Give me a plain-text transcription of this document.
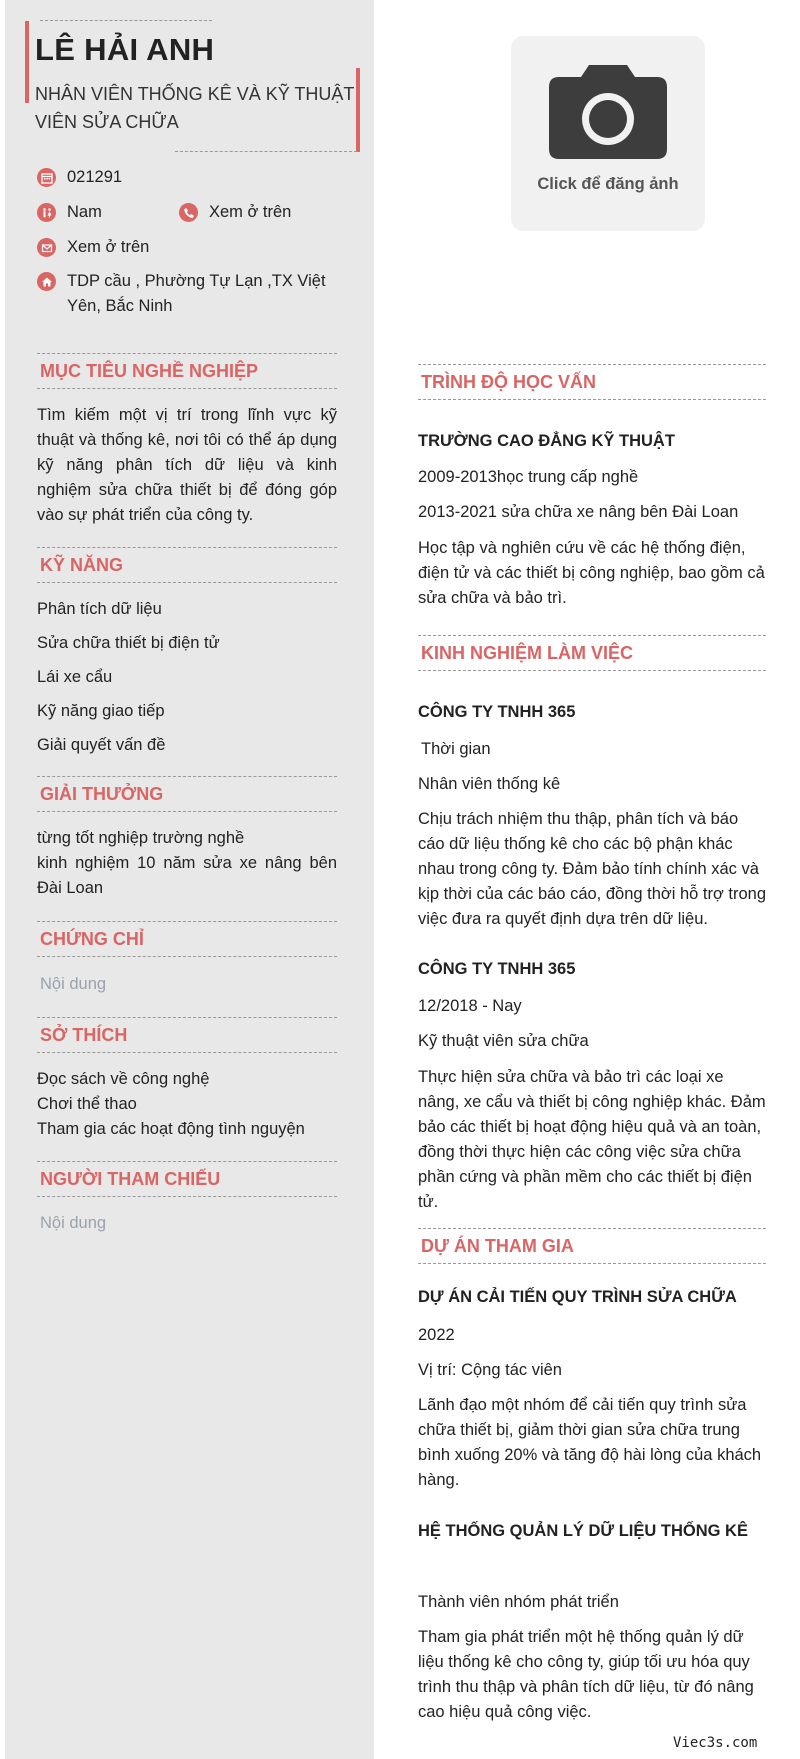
LÊ HẢI ANH
NHÂN VIÊN THỐNG KÊ VÀ KỸ THUẬT VIÊN SỬA CHỮA
021291
Nam	Xem ở trên
Xem ở trên
TDP cầu , Phường Tự Lạn ,TX Việt Yên, Bắc Ninh
MỤC TIÊU NGHỀ NGHIỆP
Tìm kiếm một vị trí trong lĩnh vực kỹ thuật và thống kê, nơi tôi có thể áp dụng kỹ năng phân tích dữ liệu và kinh nghiệm sửa chữa thiết bị để đóng góp vào sự phát triển của công ty.
KỸ NĂNG
Phân tích dữ liệu
Sửa chữa thiết bị điện tử
Lái xe cẩu
Kỹ năng giao tiếp
Giải quyết vấn đề
GIẢI THƯỞNG
từng tốt nghiệp trường nghề
kinh nghiệm 10 năm sửa xe nâng bên Đài Loan
CHỨNG CHỈ
Nội dung
SỞ THÍCH
Đọc sách về công nghệ
Chơi thể thao
Tham gia các hoạt động tình nguyện
NGƯỜI THAM CHIẾU
Nội dung
Click để đăng ảnh
TRÌNH ĐỘ HỌC VẤN
TRƯỜNG CAO ĐẲNG KỸ THUẬT
2009-2013học trung cấp nghề
2013-2021 sửa chữa xe nâng bên Đài Loan
Học tập và nghiên cứu về các hệ thống điện, điện tử và các thiết bị công nghiệp, bao gồm cả sửa chữa và bảo trì.
KINH NGHIỆM LÀM VIỆC
CÔNG TY TNHH 365
Thời gian
Nhân viên thống kê
Chịu trách nhiệm thu thập, phân tích và báo cáo dữ liệu thống kê cho các bộ phận khác nhau trong công ty. Đảm bảo tính chính xác và kịp thời của các báo cáo, đồng thời hỗ trợ trong việc đưa ra quyết định dựa trên dữ liệu.
CÔNG TY TNHH 365
12/2018 - Nay
Kỹ thuật viên sửa chữa
Thực hiện sửa chữa và bảo trì các loại xe nâng, xe cẩu và thiết bị công nghiệp khác. Đảm bảo các thiết bị hoạt động hiệu quả và an toàn, đồng thời thực hiện các công việc sửa chữa phần cứng và phần mềm cho các thiết bị điện tử.
DỰ ÁN THAM GIA
DỰ ÁN CẢI TIẾN QUY TRÌNH SỬA CHỮA
2022
Vị trí: Cộng tác viên
Lãnh đạo một nhóm để cải tiến quy trình sửa chữa thiết bị, giảm thời gian sửa chữa trung bình xuống 20% và tăng độ hài lòng của khách hàng.
HỆ THỐNG QUẢN LÝ DỮ LIỆU THỐNG KÊ
Thành viên nhóm phát triển
Tham gia phát triển một hệ thống quản lý dữ liệu thống kê cho công ty, giúp tối ưu hóa quy trình thu thập và phân tích dữ liệu, từ đó nâng cao hiệu quả công việc.
Viec3s.com
